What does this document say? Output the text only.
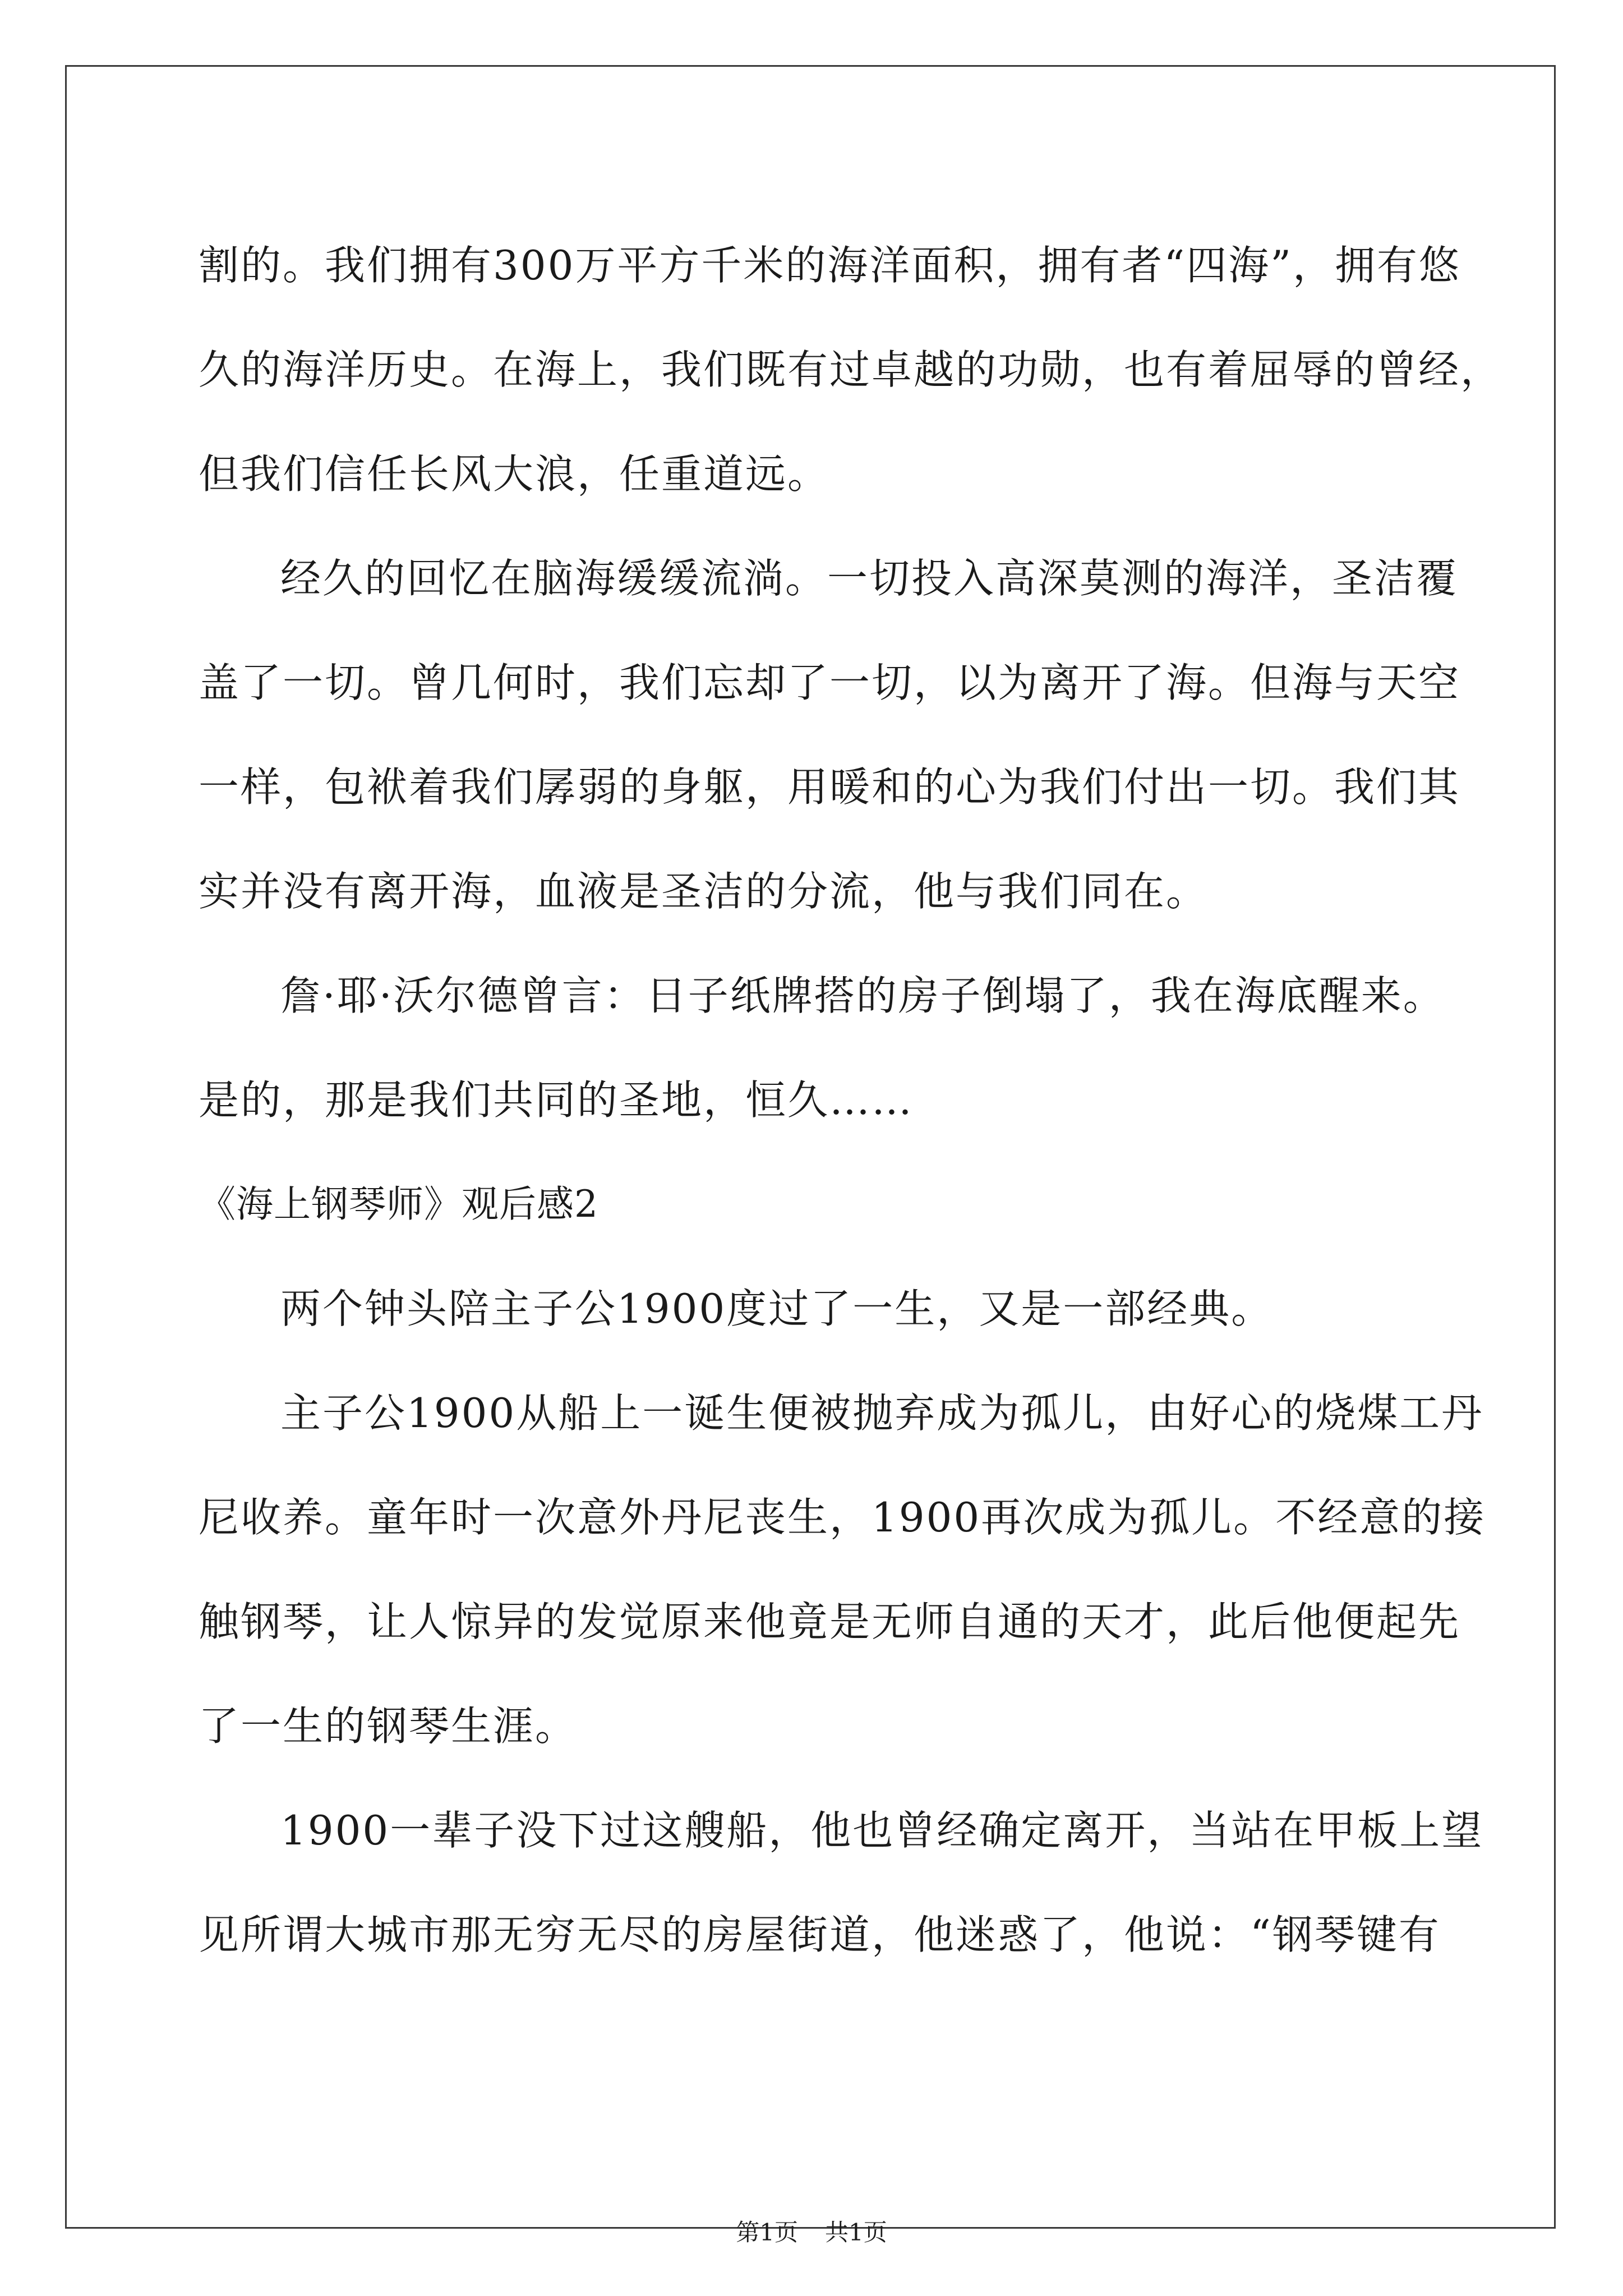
割的。我们拥有300万平方千米的海洋面积，拥有者“四海”，拥有悠
久的海洋历史。在海上，我们既有过卓越的功勋，也有着屈辱的曾经，
但我们信任长风大浪，任重道远。
经久的回忆在脑海缓缓流淌。一切投入高深莫测的海洋，圣洁覆
盖了一切。曾几何时，我们忘却了一切，以为离开了海。但海与天空
一样，包袱着我们孱弱的身躯，用暖和的心为我们付出一切。我们其
实并没有离开海，血液是圣洁的分流，他与我们同在。
詹·耶·沃尔德曾言：日子纸牌搭的房子倒塌了，我在海底醒来。
是的，那是我们共同的圣地，恒久……
《海上钢琴师》观后感2
两个钟头陪主子公1900度过了一生，又是一部经典。
主子公1900从船上一诞生便被抛弃成为孤儿，由好心的烧煤工丹
尼收养。童年时一次意外丹尼丧生，1900再次成为孤儿。不经意的接
触钢琴，让人惊异的发觉原来他竟是无师自通的天才，此后他便起先
了一生的钢琴生涯。
1900一辈子没下过这艘船，他也曾经确定离开，当站在甲板上望
见所谓大城市那无穷无尽的房屋街道，他迷惑了，他说：“钢琴键有
第1页 共1页
